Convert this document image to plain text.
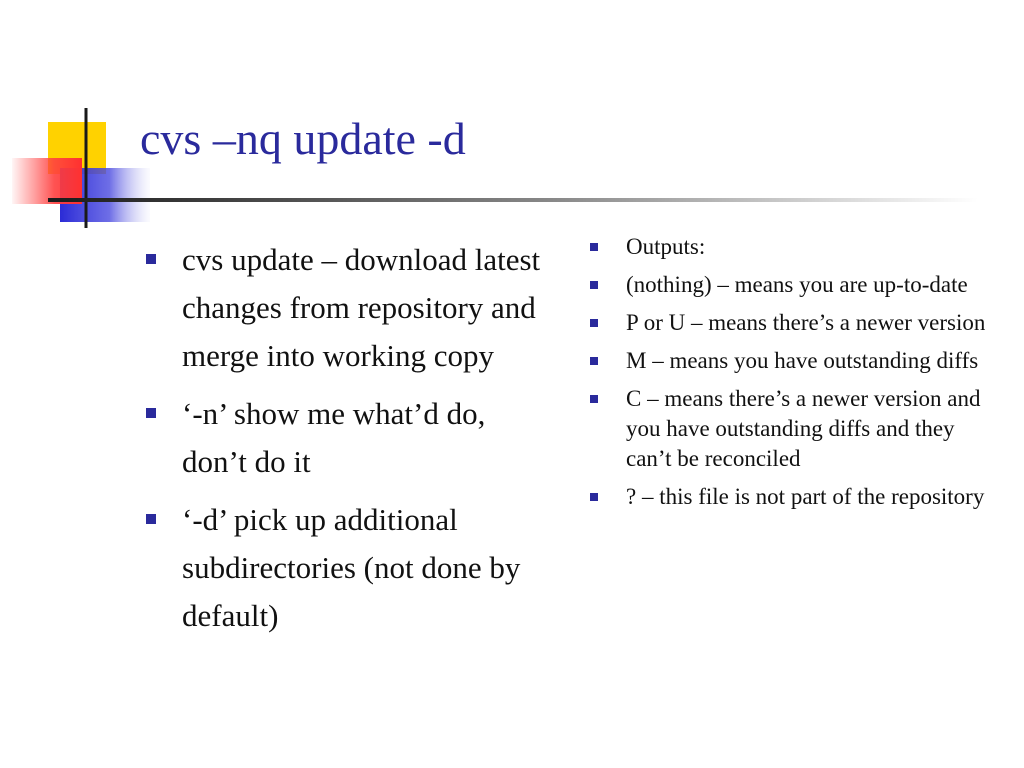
cvs –nq update -d
cvs update – download latest changes from repository and merge into working copy
‘-n’ show me what’d do, don’t do it
‘-d’ pick up additional subdirectories (not done by default)
Outputs:
(nothing) – means you are up-to-date
P or U – means there’s a newer version
M – means you have outstanding diffs
C – means there’s a newer version and you have outstanding diffs and they can’t be reconciled
? – this file is not part of the repository
